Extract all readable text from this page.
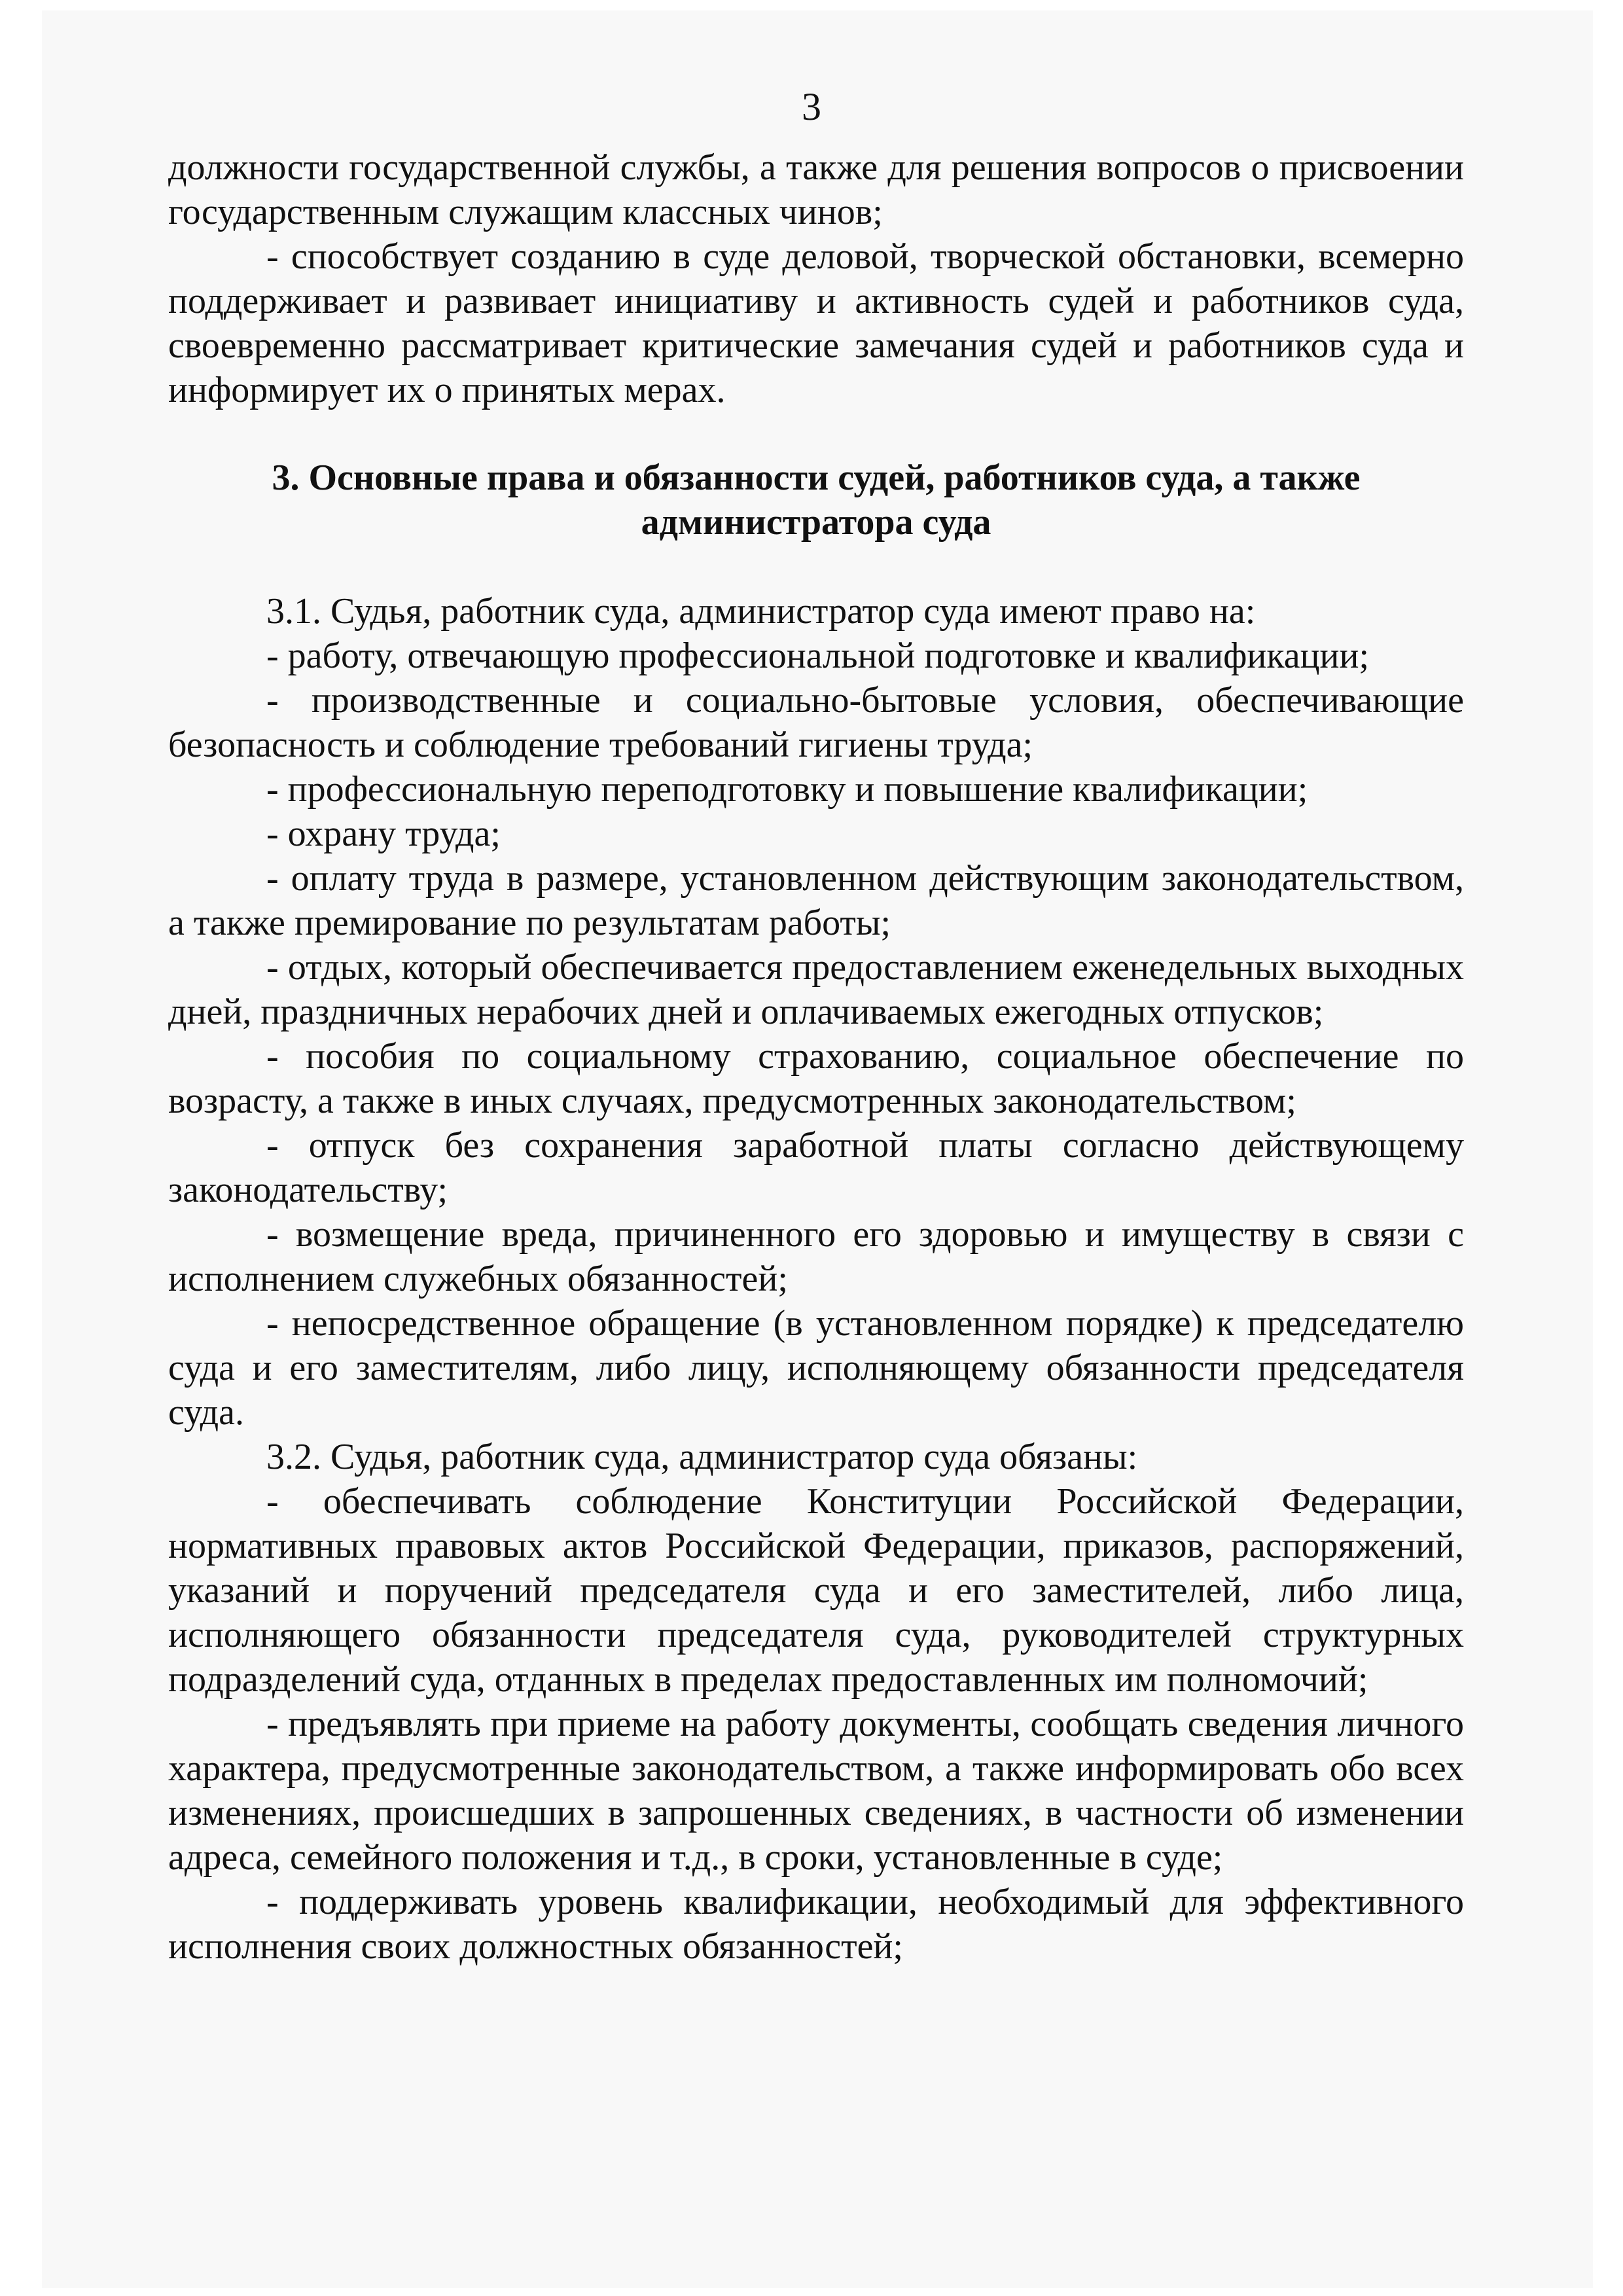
3

должности государственной службы, а также для решения вопросов о присвоении государственным служащим классных чинов;

- способствует созданию в суде деловой, творческой обстановки, всемерно поддерживает и развивает инициативу и активность судей и работников суда, своевременно рассматривает критические замечания судей и работников суда и информирует их о принятых мерах.

3. Основные права и обязанности судей, работников суда, а также администратора суда

3.1. Судья, работник суда, администратор суда имеют право на:

- работу, отвечающую профессиональной подготовке и квалификации;

- производственные и социально-бытовые условия, обеспечивающие безопасность и соблюдение требований гигиены труда;

- профессиональную переподготовку и повышение квалификации;

- охрану труда;

- оплату труда в размере, установленном действующим законодательством, а также премирование по результатам работы;

- отдых, который обеспечивается предоставлением еженедельных выходных дней, праздничных нерабочих дней и оплачиваемых ежегодных отпусков;

- пособия по социальному страхованию, социальное обеспечение по возрасту, а также в иных случаях, предусмотренных законодательством;

- отпуск без сохранения заработной платы согласно действующему законодательству;

- возмещение вреда, причиненного его здоровью и имуществу в связи с исполнением служебных обязанностей;

- непосредственное обращение (в установленном порядке) к председателю суда и его заместителям, либо лицу, исполняющему обязанности председателя суда.

3.2. Судья, работник суда, администратор суда обязаны:

- обеспечивать соблюдение Конституции Российской Федерации, нормативных правовых актов Российской Федерации, приказов, распоряжений, указаний и поручений председателя суда и его заместителей, либо лица, исполняющего обязанности председателя суда, руководителей структурных подразделений суда, отданных в пределах предоставленных им полномочий;

- предъявлять при приеме на работу документы, сообщать сведения личного характера, предусмотренные законодательством, а также информировать обо всех изменениях, происшедших в запрошенных сведениях, в частности об изменении адреса, семейного положения и т.д., в сроки, установленные в суде;

- поддерживать уровень квалификации, необходимый для эффективного исполнения своих должностных обязанностей;
